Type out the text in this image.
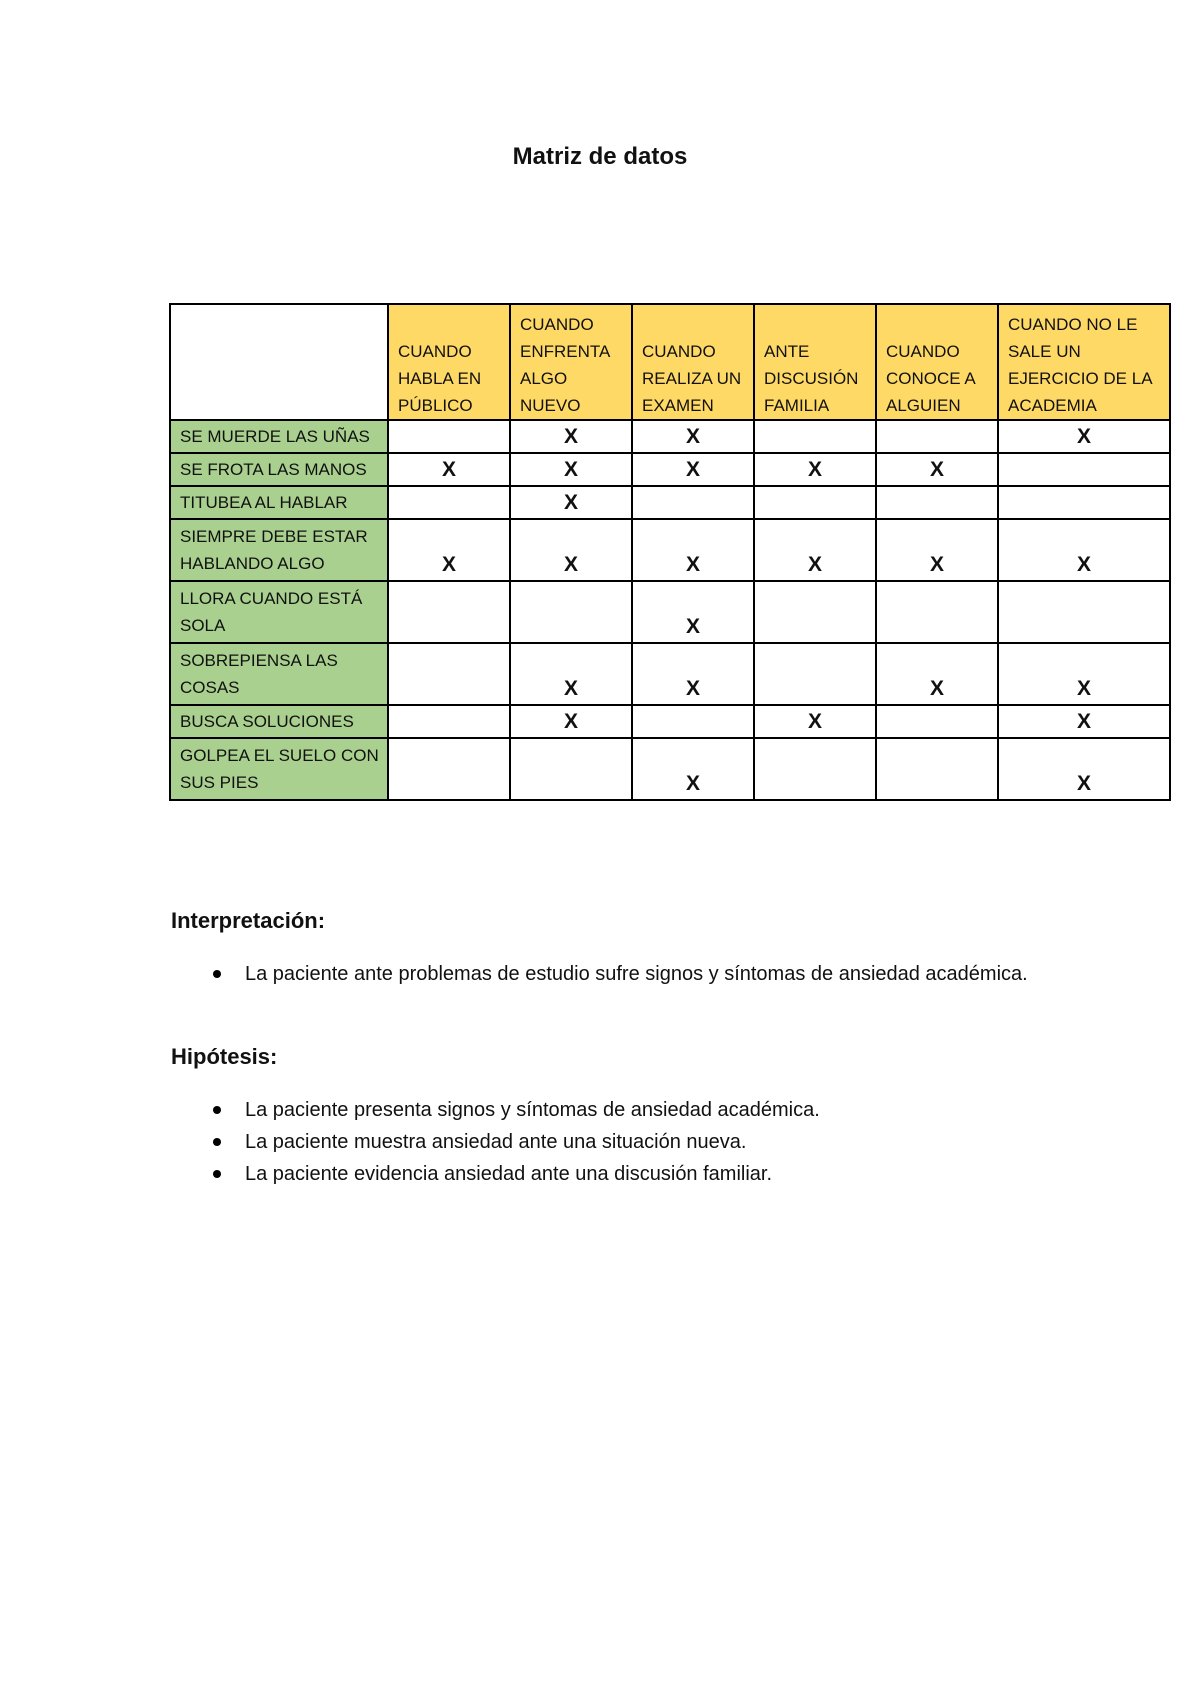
Matriz de datos
	CUANDO HABLA EN PÚBLICO	CUANDO ENFRENTA ALGO NUEVO	CUANDO REALIZA UN EXAMEN	ANTE DISCUSIÓN FAMILIA	CUANDO CONOCE A ALGUIEN	CUANDO NO LE SALE UN EJERCICIO DE LA ACADEMIA
SE MUERDE LAS UÑAS		X	X			X
SE FROTA LAS MANOS	X	X	X	X	X	
TITUBEA AL HABLAR		X				
SIEMPRE DEBE ESTAR HABLANDO ALGO	X	X	X	X	X	X
LLORA CUANDO ESTÁ SOLA			X			
SOBREPIENSA LAS COSAS		X	X		X	X
BUSCA SOLUCIONES		X		X		X
GOLPEA EL SUELO CON SUS PIES			X			X
Interpretación:
La paciente ante problemas de estudio sufre signos y síntomas de ansiedad académica.
Hipótesis:
La paciente presenta signos y síntomas de ansiedad académica.
La paciente muestra ansiedad ante una situación nueva.
La paciente evidencia ansiedad ante una discusión familiar.
